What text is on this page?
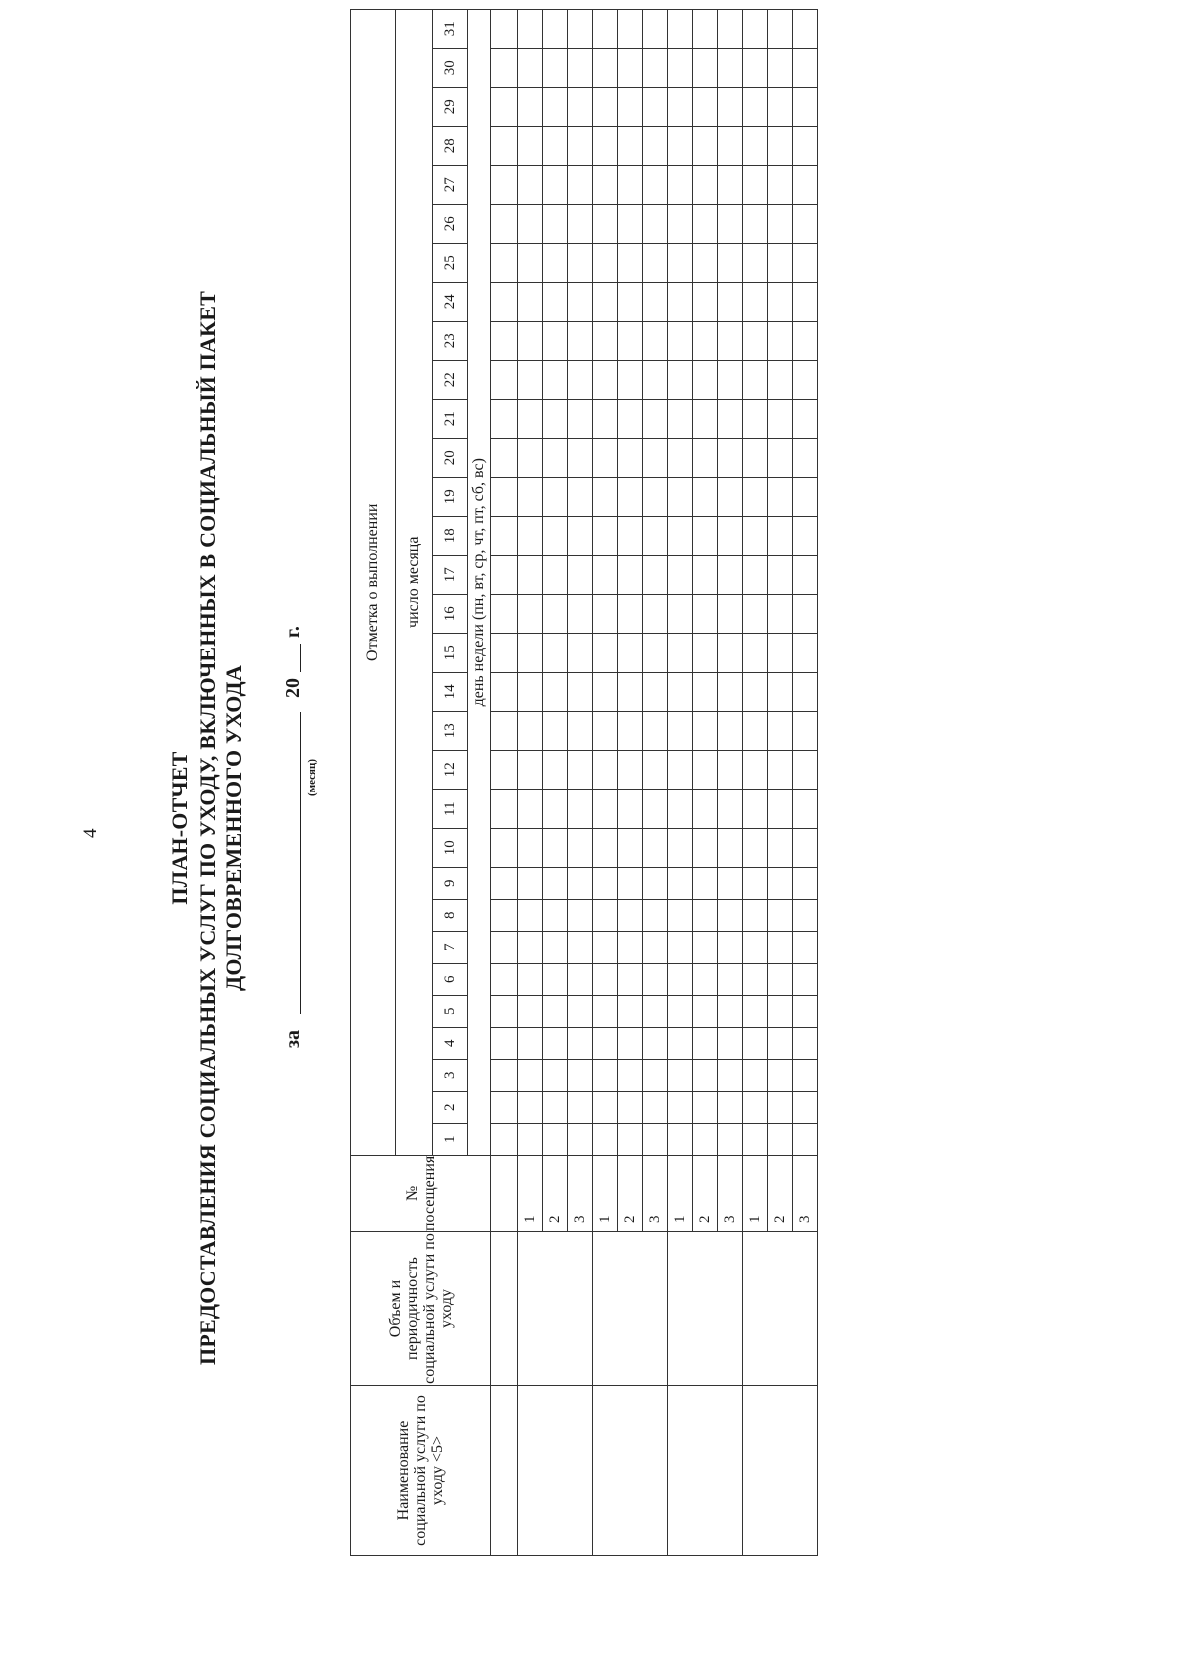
4	ПЛАН-ОТЧЕТ ПРЕДОСТАВЛЕНИЯ СОЦИАЛЬНЫХ УСЛУГ ПО УХОДУ, ВКЛЮЧЕННЫХ В СОЦИАЛЬНЫЙ ПАКЕТ ДОЛГОВРЕМЕННОГО УХОДА
за
(месяц)
20
г.
Наименование социальной услуги по уходу <5>	Объем и периодичность социальной услуги по уходу	№ посещения	Отметка о выполнении																														
			число месяца																														
			1	2	3	4	5	6	7	8	9	10	11	12	13	14	15	16	17	18	19	20	21	22	23	24	25	26	27	28	29	30	31
			день недели (пн, вт, ср, чт, пт, сб, вс)																														

		1																															
		2																															
		3																															
		1																															
		2																															
		3																															
		1																															
		2																															
		3																															
		1																															
		2																															
		3																															
